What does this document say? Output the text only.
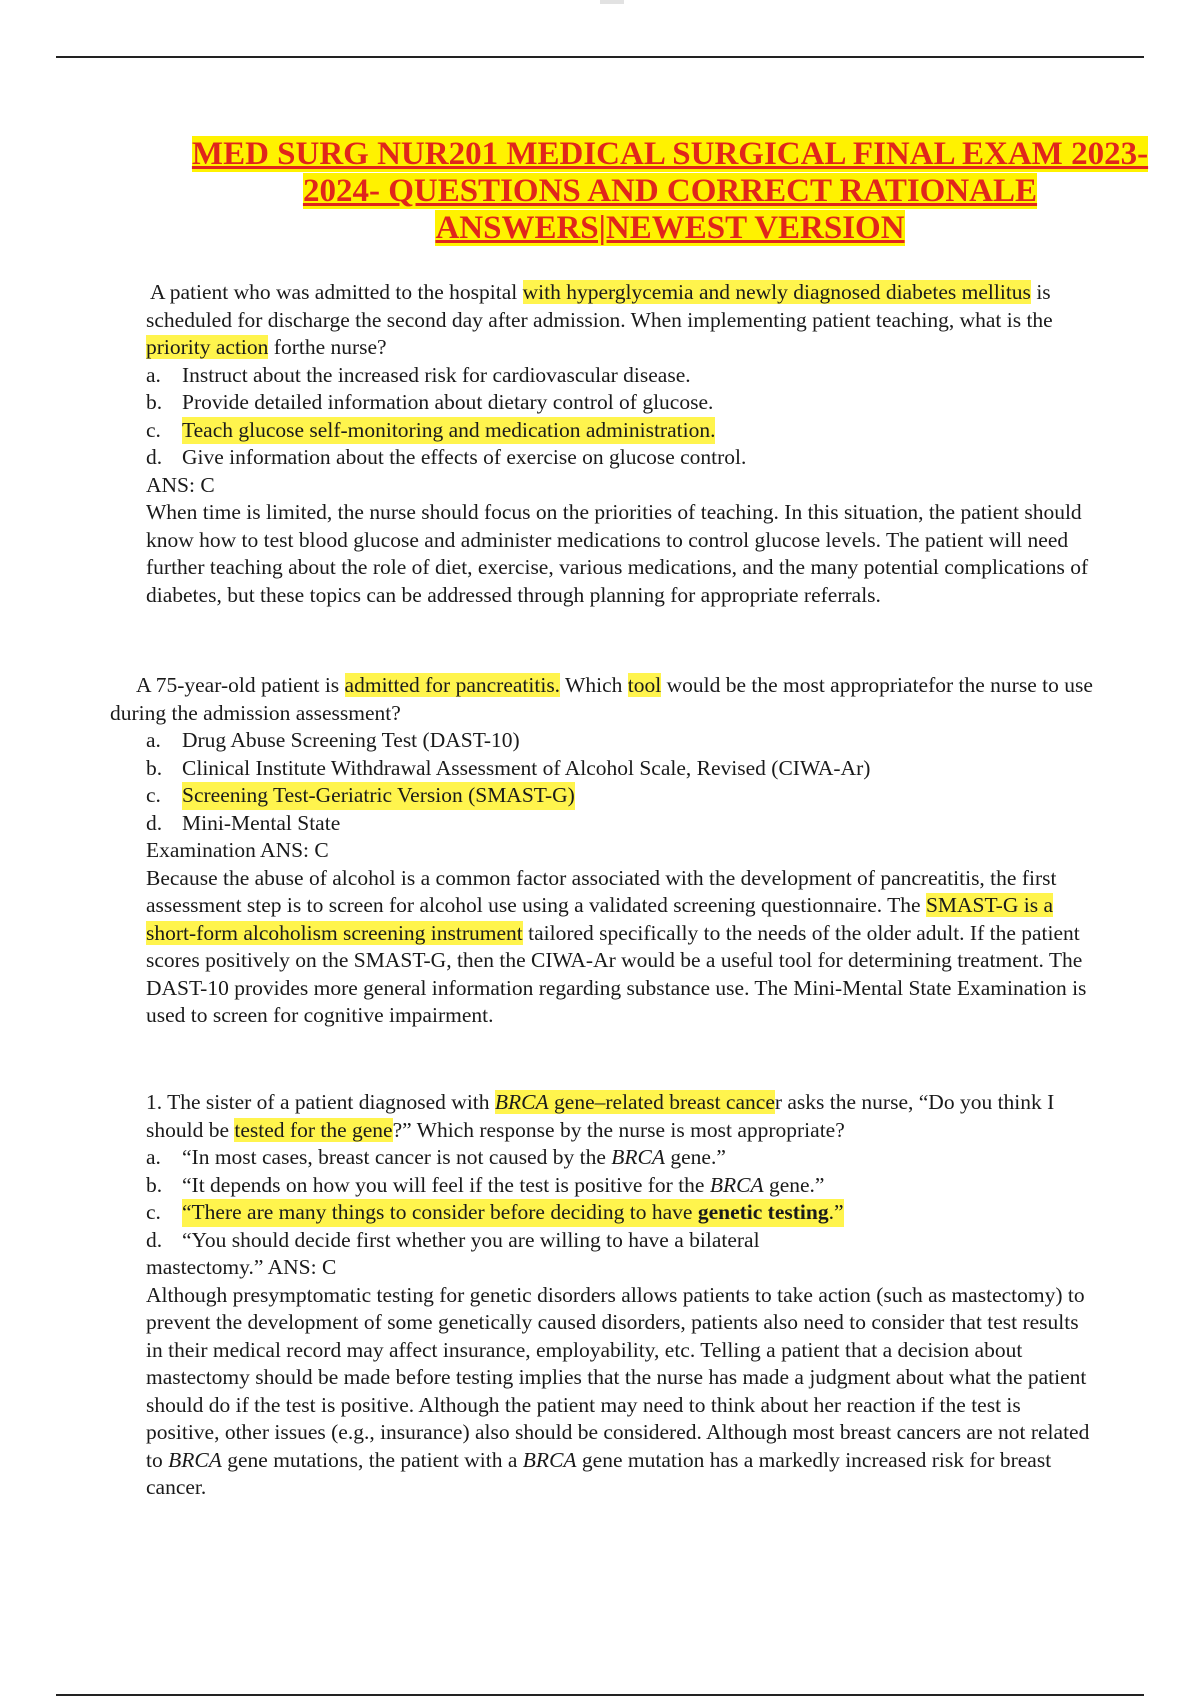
MED SURG NUR201 MEDICAL SURGICAL FINAL EXAM 2023-
2024- QUESTIONS AND CORRECT RATIONALE
ANSWERS|NEWEST VERSION

A patient who was admitted to the hospital with hyperglycemia and newly diagnosed diabetes mellitus is scheduled for discharge the second day after admission. When implementing patient teaching, what is the priority action forthe nurse?

a. Instruct about the increased risk for cardiovascular disease.
b. Provide detailed information about dietary control of glucose.
c. Teach glucose self-monitoring and medication administration.
d. Give information about the effects of exercise on glucose control.

ANS: C

When time is limited, the nurse should focus on the priorities of teaching. In this situation, the patient should know how to test blood glucose and administer medications to control glucose levels. The patient will need further teaching about the role of diet, exercise, various medications, and the many potential complications of diabetes, but these topics can be addressed through planning for appropriate referrals.

A 75-year-old patient is admitted for pancreatitis. Which tool would be the most appropriatefor the nurse to use during the admission assessment?

a. Drug Abuse Screening Test (DAST-10)
b. Clinical Institute Withdrawal Assessment of Alcohol Scale, Revised (CIWA-Ar)
c. Screening Test-Geriatric Version (SMAST-G)
d. Mini-Mental State

Examination ANS: C

Because the abuse of alcohol is a common factor associated with the development of pancreatitis, the first assessment step is to screen for alcohol use using a validated screening questionnaire. The SMAST-G is a short-form alcoholism screening instrument tailored specifically to the needs of the older adult. If the patient scores positively on the SMAST-G, then the CIWA-Ar would be a useful tool for determining treatment. The DAST-10 provides more general information regarding substance use. The Mini-Mental State Examination is used to screen for cognitive impairment.

1. The sister of a patient diagnosed with BRCA gene–related breast cancer asks the nurse, “Do you think I should be tested for the gene?” Which response by the nurse is most appropriate?

a. “In most cases, breast cancer is not caused by the BRCA gene.”
b. “It depends on how you will feel if the test is positive for the BRCA gene.”
c. “There are many things to consider before deciding to have genetic testing.”
d. “You should decide first whether you are willing to have a bilateral

mastectomy.” ANS: C

Although presymptomatic testing for genetic disorders allows patients to take action (such as mastectomy) to prevent the development of some genetically caused disorders, patients also need to consider that test results in their medical record may affect insurance, employability, etc. Telling a patient that a decision about mastectomy should be made before testing implies that the nurse has made a judgment about what the patient should do if the test is positive. Although the patient may need to think about her reaction if the test is positive, other issues (e.g., insurance) also should be considered. Although most breast cancers are not related to BRCA gene mutations, the patient with a BRCA gene mutation has a markedly increased risk for breast cancer.
